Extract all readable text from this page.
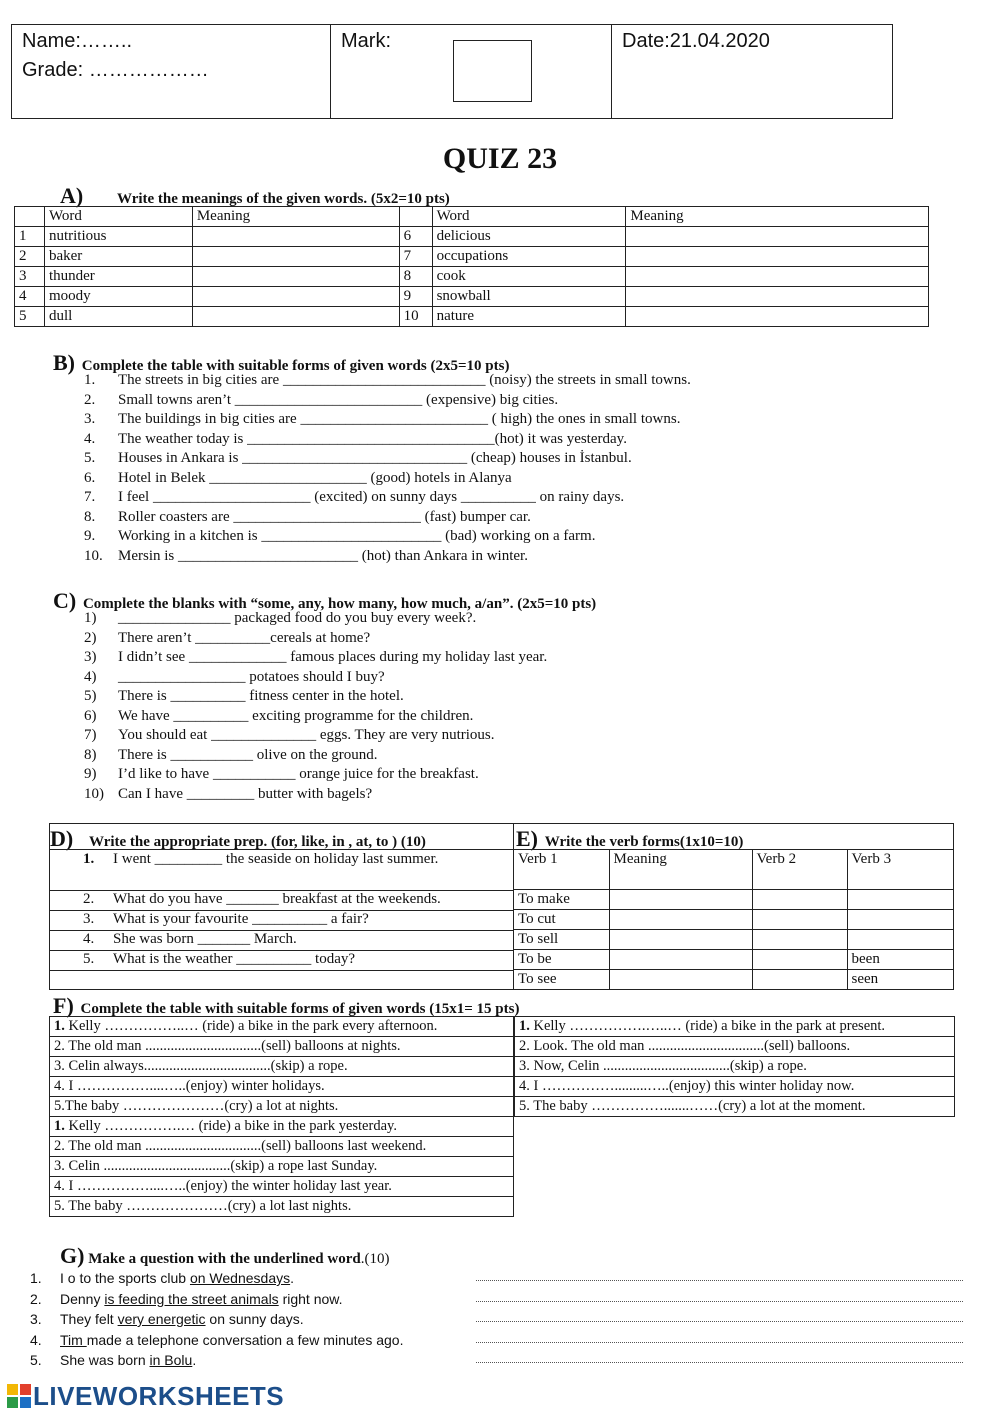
Name:……..
Grade: ………………
Mark:	Date:21.04.2020
QUIZ 23
A) Write the meanings of the given words. (5x2=10 pts)
	Word	Meaning		Word	Meaning
1	nutritious		6	delicious	
2	baker		7	occupations	
3	thunder		8	cook	
4	moody		9	snowball	
5	dull		10	nature	
B) Complete the table with suitable forms of given words (2x5=10 pts)
1.	The streets in big cities are ___________________________ (noisy) the streets in small towns.
2.	Small towns aren’t _________________________ (expensive) big cities.
3.	The buildings in big cities are _________________________ ( high) the ones in small towns.
4.	The weather today is _________________________________(hot) it was yesterday.
5.	Houses in Ankara is ______________________________ (cheap) houses in İstanbul.
6.	Hotel in Belek _____________________ (good) hotels in Alanya
7.	I feel _____________________ (excited) on sunny days __________ on rainy days.
8.	Roller coasters are _________________________ (fast) bumper car.
9.	Working in a kitchen is ________________________ (bad) working on a farm.
10.	Mersin is ________________________ (hot) than Ankara in winter.
C) Complete the blanks with “some, any, how many, how much, a/an”. (2x5=10 pts)
1)	_______________ packaged food do you buy every week?.
2)	There aren’t __________cereals at home?
3)	I didn’t see _____________ famous places during my holiday last year.
4)	_________________ potatoes should I buy?
5)	There is __________ fitness center in the hotel.
6)	We have __________ exciting programme for the children.
7)	You should eat ______________ eggs. They are very nutrious.
8)	There is ___________ olive on the ground.
9)	I’d like to have ___________ orange juice for the breakfast.
10) Can I have _________ butter with bagels?
D) Write the appropriate prep. (for, like, in , at, to ) (10)	E) Write the verb forms(1x10=10)
1. I went _________ the seaside on holiday last summer.
2. What do you have _______ breakfast at the weekends.
3. What is your favourite __________ a fair?
4. She was born _______ March.
5. What is the weather __________ today?
Verb 1	Meaning	Verb 2	Verb 3
To make			
To cut			
To sell			
To be			been
To see			seen
F) Complete the table with suitable forms of given words (15x1= 15 pts)
1. Kelly ……………..… (ride) a bike in the park every afternoon.
2. The old man ................................(sell) balloons at nights.
3. Celin always...................................(skip) a rope.
4. I ……………....…..(enjoy) winter holidays.
5.The baby …………………(cry) a lot at nights.
1. Kelly …………….… (ride) a bike in the park yesterday.
2. The old man ................................(sell) balloons last weekend.
3. Celin ...................................(skip) a rope last Sunday.
4. I ……………....…..(enjoy) the winter holiday last year.
5. The baby …………………(cry) a lot last nights.
1. Kelly …………….…..… (ride) a bike in the park at present.
2. Look. The old man ................................(sell) balloons.
3. Now, Celin ...................................(skip) a rope.
4. I …………….........…..(enjoy) this winter holiday now.
5. The baby …………….......……(cry) a lot at the moment.
G) Make a question with the underlined word.(10)
1.	I o to the sports club on Wednesdays.
2.	Denny is feeding the street animals right now.
3.	They felt very energetic on sunny days.
4.	Tim made a telephone conversation a few minutes ago.
5.	She was born in Bolu.
LIVEWORKSHEETS
